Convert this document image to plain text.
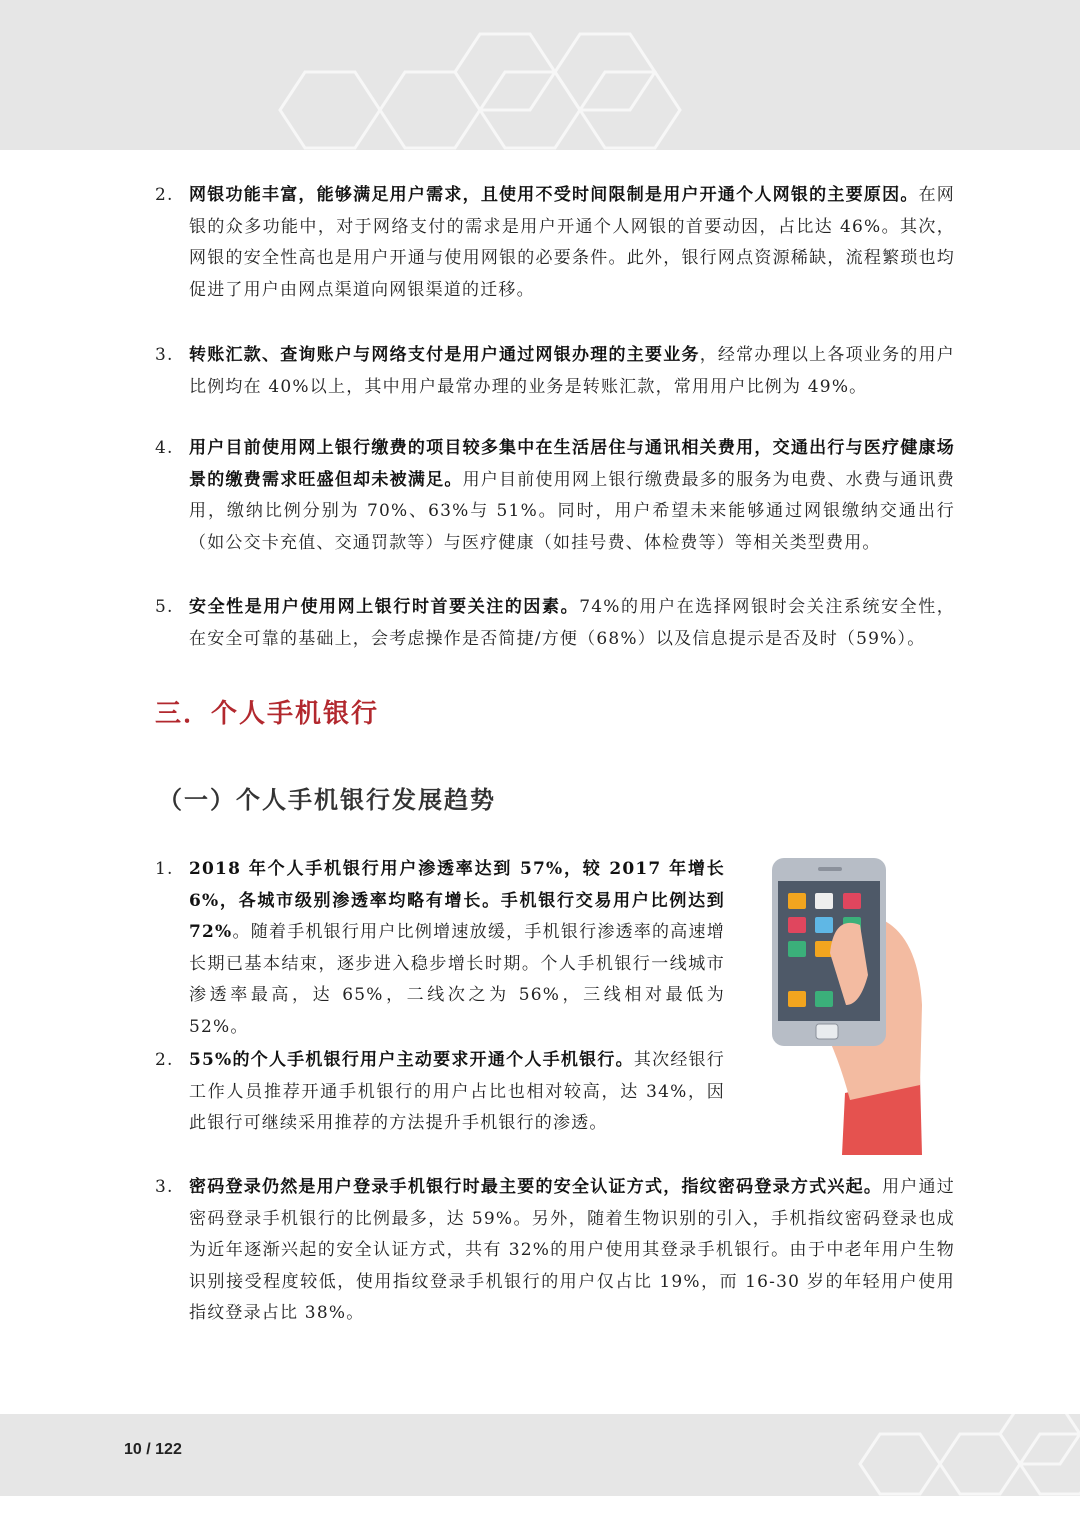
2. 网银功能丰富，能够满足用户需求，且使用不受时间限制是用户开通个人网银的主要原因。在网银的众多功能中，对于网络支付的需求是用户开通个人网银的首要动因，占比达 46%。其次，网银的安全性高也是用户开通与使用网银的必要条件。此外，银行网点资源稀缺，流程繁琐也均促进了用户由网点渠道向网银渠道的迁移。
3. 转账汇款、查询账户与网络支付是用户通过网银办理的主要业务，经常办理以上各项业务的用户比例均在 40%以上，其中用户最常办理的业务是转账汇款，常用用户比例为 49%。
4. 用户目前使用网上银行缴费的项目较多集中在生活居住与通讯相关费用，交通出行与医疗健康场景的缴费需求旺盛但却未被满足。用户目前使用网上银行缴费最多的服务为电费、水费与通讯费用，缴纳比例分别为 70%、63%与 51%。同时，用户希望未来能够通过网银缴纳交通出行（如公交卡充值、交通罚款等）与医疗健康（如挂号费、体检费等）等相关类型费用。
5. 安全性是用户使用网上银行时首要关注的因素。74%的用户在选择网银时会关注系统安全性，在安全可靠的基础上，会考虑操作是否简捷/方便（68%）以及信息提示是否及时（59%）。
三．个人手机银行
（一）个人手机银行发展趋势
1. 2018 年个人手机银行用户渗透率达到 57%，较 2017 年增长 6%，各城市级别渗透率均略有增长。手机银行交易用户比例达到 72%。随着手机银行用户比例增速放缓，手机银行渗透率的高速增长期已基本结束，逐步进入稳步增长时期。个人手机银行一线城市渗透率最高，达 65%，二线次之为 56%，三线相对最低为 52%。
2. 55%的个人手机银行用户主动要求开通个人手机银行。其次经银行工作人员推荐开通手机银行的用户占比也相对较高，达 34%，因此银行可继续采用推荐的方法提升手机银行的渗透。
3. 密码登录仍然是用户登录手机银行时最主要的安全认证方式，指纹密码登录方式兴起。用户通过密码登录手机银行的比例最多，达 59%。另外，随着生物识别的引入，手机指纹密码登录也成为近年逐渐兴起的安全认证方式，共有 32%的用户使用其登录手机银行。由于中老年用户生物识别接受程度较低，使用指纹登录手机银行的用户仅占比 19%，而 16-30 岁的年轻用户使用指纹登录占比 38%。
10 / 122
